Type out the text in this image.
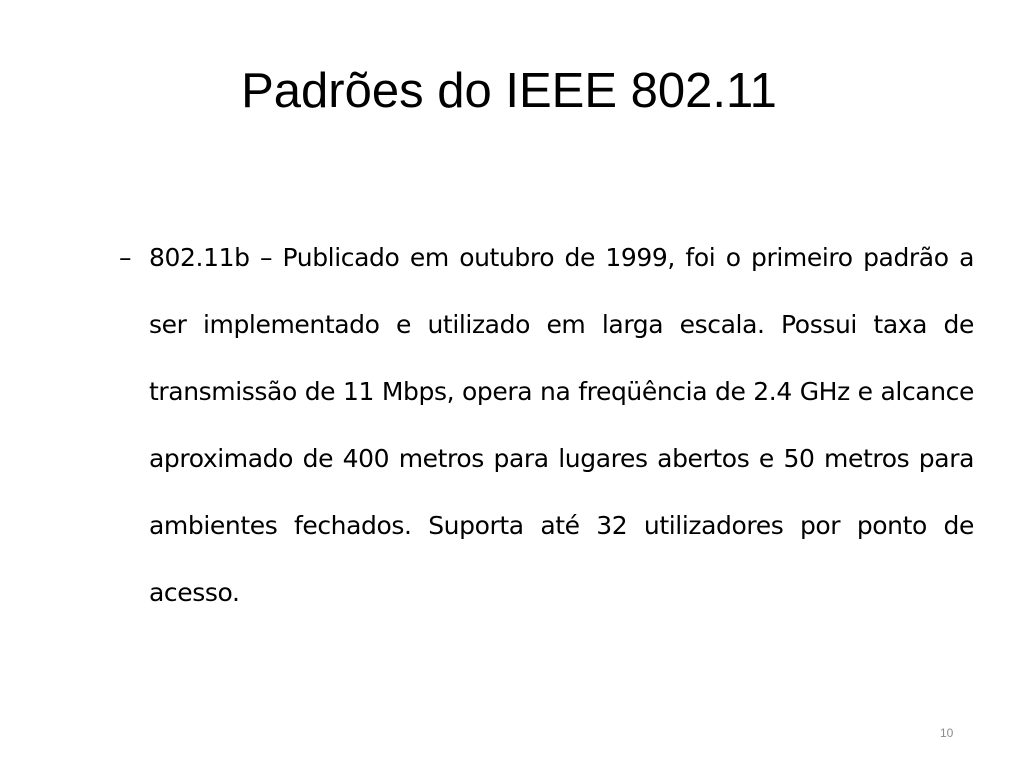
Padrões do IEEE 802.11
– 802.11b – Publicado em outubro de 1999, foi o primeiro padrão a ser implementado e utilizado em larga escala. Possui taxa de transmissão de 11 Mbps, opera na freqüência de 2.4 GHz e alcance aproximado de 400 metros para lugares abertos e 50 metros para ambientes fechados. Suporta até 32 utilizadores por ponto de acesso.
10
